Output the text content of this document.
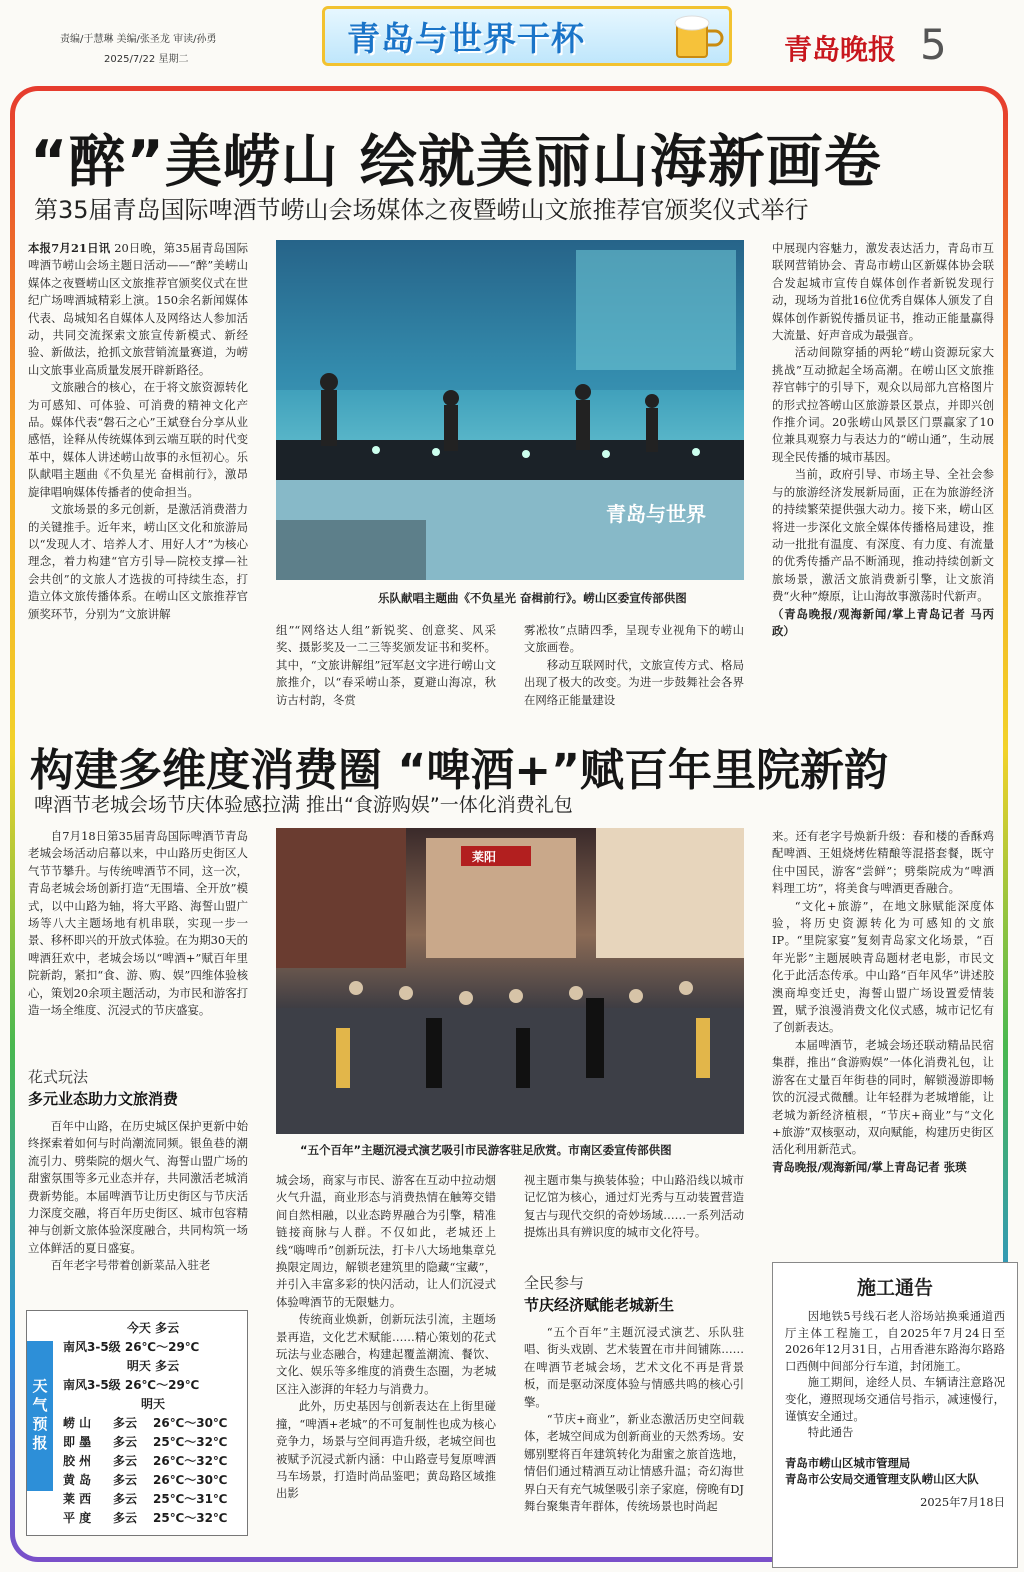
责编/于慧琳 美编/张圣龙 审读/孙勇
2025/7/22 星期二
青岛与世界干杯	青岛晚报 5
“醉”美崂山 绘就美丽山海新画卷
第35届青岛国际啤酒节崂山会场媒体之夜暨崂山文旅推荐官颁奖仪式举行

本报7月21日讯 20日晚，第35届青岛国际啤酒节崂山会场主题日活动——“醉”美崂山媒体之夜暨崂山区文旅推荐官颁奖仪式在世纪广场啤酒城精彩上演。150余名新闻媒体代表、岛城知名自媒体人及网络达人参加活动，共同交流探索文旅宣传新模式、新经验、新做法，抢抓文旅营销流量赛道，为崂山文旅事业高质量发展开辟新路径。

文旅融合的核心，在于将文旅资源转化为可感知、可体验、可消费的精神文化产品。媒体代表“磐石之心”王斌登台分享从业感悟，诠释从传统媒体到云端互联的时代变革中，媒体人讲述崂山故事的永恒初心。乐队献唱主题曲《不负星光 奋楫前行》，激昂旋律唱响媒体传播者的使命担当。

文旅场景的多元创新，是激活消费潜力的关键推手。近年来，崂山区文化和旅游局以“发现人才、培养人才、用好人才”为核心理念，着力构建“官方引导—院校支撑—社会共创”的文旅人才选拔的可持续生态，打造立体文旅传播体系。在崂山区文旅推荐官颁奖环节，分别为“文旅讲解

青岛与世界
乐队献唱主题曲《不负星光 奋楫前行》。崂山区委宣传部供图

组”“网络达人组”新锐奖、创意奖、风采奖、摄影奖及一二三等奖颁发证书和奖杯。其中，“文旅讲解组”冠军赵文字进行崂山文旅推介，以“春采崂山茶，夏避山海凉，秋访古村韵，冬赏

雾凇妆”点睛四季，呈现专业视角下的崂山文旅画卷。

移动互联网时代，文旅宣传方式、格局出现了极大的改变。为进一步鼓舞社会各界在网络正能量建设

中展现内容魅力，激发表达活力，青岛市互联网营销协会、青岛市崂山区新媒体协会联合发起城市宣传自媒体创作者新锐发现行动，现场为首批16位优秀自媒体人颁发了自媒体创作新锐传播员证书，推动正能量赢得大流量、好声音成为最强音。

活动间隙穿插的两轮“崂山资源玩家大挑战”互动掀起全场高潮。在崂山区文旅推荐官韩宁的引导下，观众以局部九宫格图片的形式拉答崂山区旅游景区景点，并即兴创作推介词。20张崂山风景区门票赢家了10位兼具观察力与表达力的“崂山通”，生动展现全民传播的城市基因。

当前，政府引导、市场主导、全社会参与的旅游经济发展新局面，正在为旅游经济的持续繁荣提供强大动力。接下来，崂山区将进一步深化文旅全媒体传播格局建设，推动一批批有温度、有深度、有力度、有流量的优秀传播产品不断涌现，推动持续创新文旅场景，激活文旅消费新引擎，让文旅消费“火种”燎原，让山海故事激荡时代新声。

（青岛晚报/观海新闻/掌上青岛记者 马丙政）

构建多维度消费圈 “啤酒+”赋百年里院新韵
啤酒节老城会场节庆体验感拉满 推出“食游购娱”一体化消费礼包

自7月18日第35届青岛国际啤酒节青岛老城会场活动启幕以来，中山路历史街区人气节节攀升。与传统啤酒节不同，这一次，青岛老城会场创新打造“无围墙、全开放”模式，以中山路为轴，将大平路、海誓山盟广场等八大主题场地有机串联，实现一步一景、移杯即兴的开放式体验。在为期30天的啤酒狂欢中，老城会场以“啤酒+”赋百年里院新韵，紧扣“食、游、购、娱”四维体验核心，策划20余项主题活动，为市民和游客打造一场全维度、沉浸式的节庆盛宴。

花式玩法
多元业态助力文旅消费

百年中山路，在历史城区保护更新中始终探索着如何与时尚潮流同频。银鱼巷的潮流引力、劈柴院的烟火气、海誓山盟广场的甜蜜氛围等多元业态并存，共同激活老城消费新势能。本届啤酒节让历史街区与节庆活力深度交融，将百年历史街区、城市包容精神与创新文旅体验深度融合，共同构筑一场立体鲜活的夏日盛宴。

百年老字号带着创新菜品入驻老

莱阳
“五个百年”主题沉浸式演艺吸引市民游客驻足欣赏。市南区委宣传部供图

城会场，商家与市民、游客在互动中拉动烟火气升温，商业形态与消费热情在触筹交错间自然相融，以业态跨界融合为引擎，精准链接商脉与人群。不仅如此，老城还上线“嗨啤币”创新玩法，打卡八大场地集章兑换限定周边，解锁老建筑里的隐藏“宝藏”，并引入丰富多彩的快闪活动，让人们沉浸式体验啤酒节的无限魅力。

传统商业焕新，创新玩法引流，主题场景再造，文化艺术赋能……精心策划的花式玩法与业态融合，构建起覆盖潮流、餐饮、文化、娱乐等多维度的消费生态圈，为老城区注入澎湃的年轻力与消费力。

此外，历史基因与创新表达在上街里碰撞，“啤酒+老城”的不可复制性也成为核心竞争力，场景与空间再造升级，老城空间也被赋予沉浸式新内涵：中山路壹号复原啤酒马车场景，打造时尚品鉴吧；黄岛路区域推出影

视主题市集与换装体验；中山路沿线以城市记忆馆为核心，通过灯光秀与互动装置营造复古与现代交织的奇妙场域……一系列活动提炼出具有辨识度的城市文化符号。

全民参与
节庆经济赋能老城新生

“五个百年”主题沉浸式演艺、乐队驻唱、街头戏剧、艺术装置在市井间铺陈……在啤酒节老城会场，艺术文化不再是背景板，而是驱动深度体验与情感共鸣的核心引擎。

“节庆+商业”，新业态激活历史空间载体，老城空间成为创新商业的天然秀场。安娜别墅将百年建筑转化为甜蜜之旅首选地，情侣们通过精酒互动让情感升温；奇幻海世界白天有充气城堡吸引亲子家庭，傍晚有DJ舞台聚集青年群体，传统场景也时尚起

来。还有老字号焕新升级：春和楼的香酥鸡配啤酒、王姐烧烤佐精酿等混搭套餐，既守住中国民，游客“尝鲜”；劈柴院成为“啤酒料理工坊”，将美食与啤酒更香融合。

“文化+旅游”，在地文脉赋能深度体验，将历史资源转化为可感知的文旅IP。“里院家宴”复刻青岛家文化场景，“百年光影”主题展映青岛题材老电影，市民文化于此活态传承。中山路“百年风华”讲述胶澳商埠变迁史，海誓山盟广场设置爱情装置，赋予浪漫消费文化仪式感，城市记忆有了创新表达。

本届啤酒节，老城会场还联动精品民宿集群，推出“食游购娱”一体化消费礼包，让游客在丈量百年街巷的同时，解锁漫游即畅饮的沉浸式微醺。让年轻群为老城增能，让老城为新经济植根，“节庆+商业”与“文化+旅游”双核驱动，双向赋能，构建历史街区活化利用新范式。

青岛晚报/观海新闻/掌上青岛记者 张瑛

天气预报
今天 多云
南风3-5级 26℃～29℃
明天 多云
南风3-5级 26℃～29℃
明天
崂 山	多云	26℃～30℃
即 墨	多云	25℃～32℃
胶 州	多云	26℃～32℃
黄 岛	多云	26℃～30℃
莱 西	多云	25℃～31℃
平 度	多云	25℃～32℃
施工通告

因地铁5号线石老人浴场站换乘通道西厅主体工程施工，自2025年7月24日至2026年12月31日，占用香港东路海尔路路口西侧中间部分行车道，封闭施工。

施工期间，途经人员、车辆请注意路况变化，遵照现场交通信号指示，减速慢行，谨慎安全通过。

特此通告

青岛市崂山区城市管理局

青岛市公安局交通管理支队崂山区大队

2025年7月18日
